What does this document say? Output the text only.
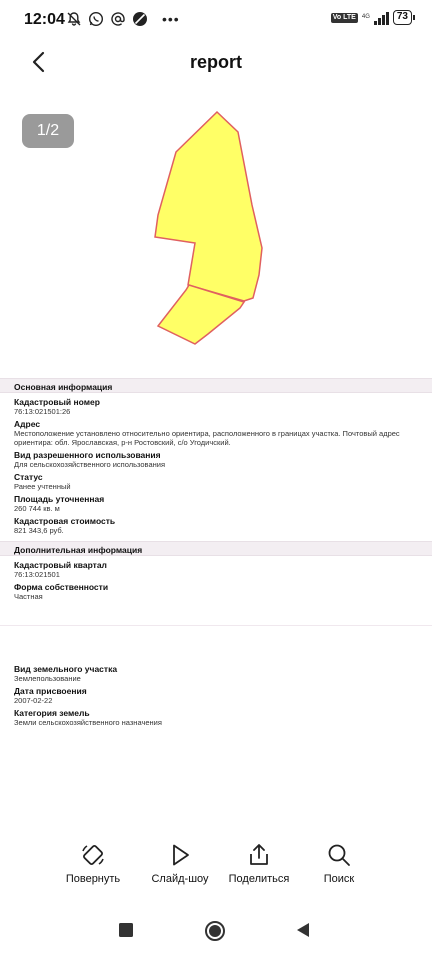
12:04	•••	Vo LTE	4G	73
report
1/2
Основная информация
Кадастровый номер
76:13:021501:26
Адрес
Местоположение установлено относительно ориентира, расположенного в границах участка. Почтовый адрес ориентира: обл. Ярославская, р-н Ростовский, с/о Угодичский.
Вид разрешенного использования
Для сельскохозяйственного использования
Статус
Ранее учтенный
Площадь уточненная
260 744 кв. м
Кадастровая стоимость
821 343,6 руб.
Дополнительная информация
Кадастровый квартал
76:13:021501
Форма собственности
Частная
Вид земельного участка
Землепользование
Дата присвоения
2007-02-22
Категория земель
Земли сельскохозяйственного назначения
Повернуть	Слайд-шоу	Поделиться	Поиск
